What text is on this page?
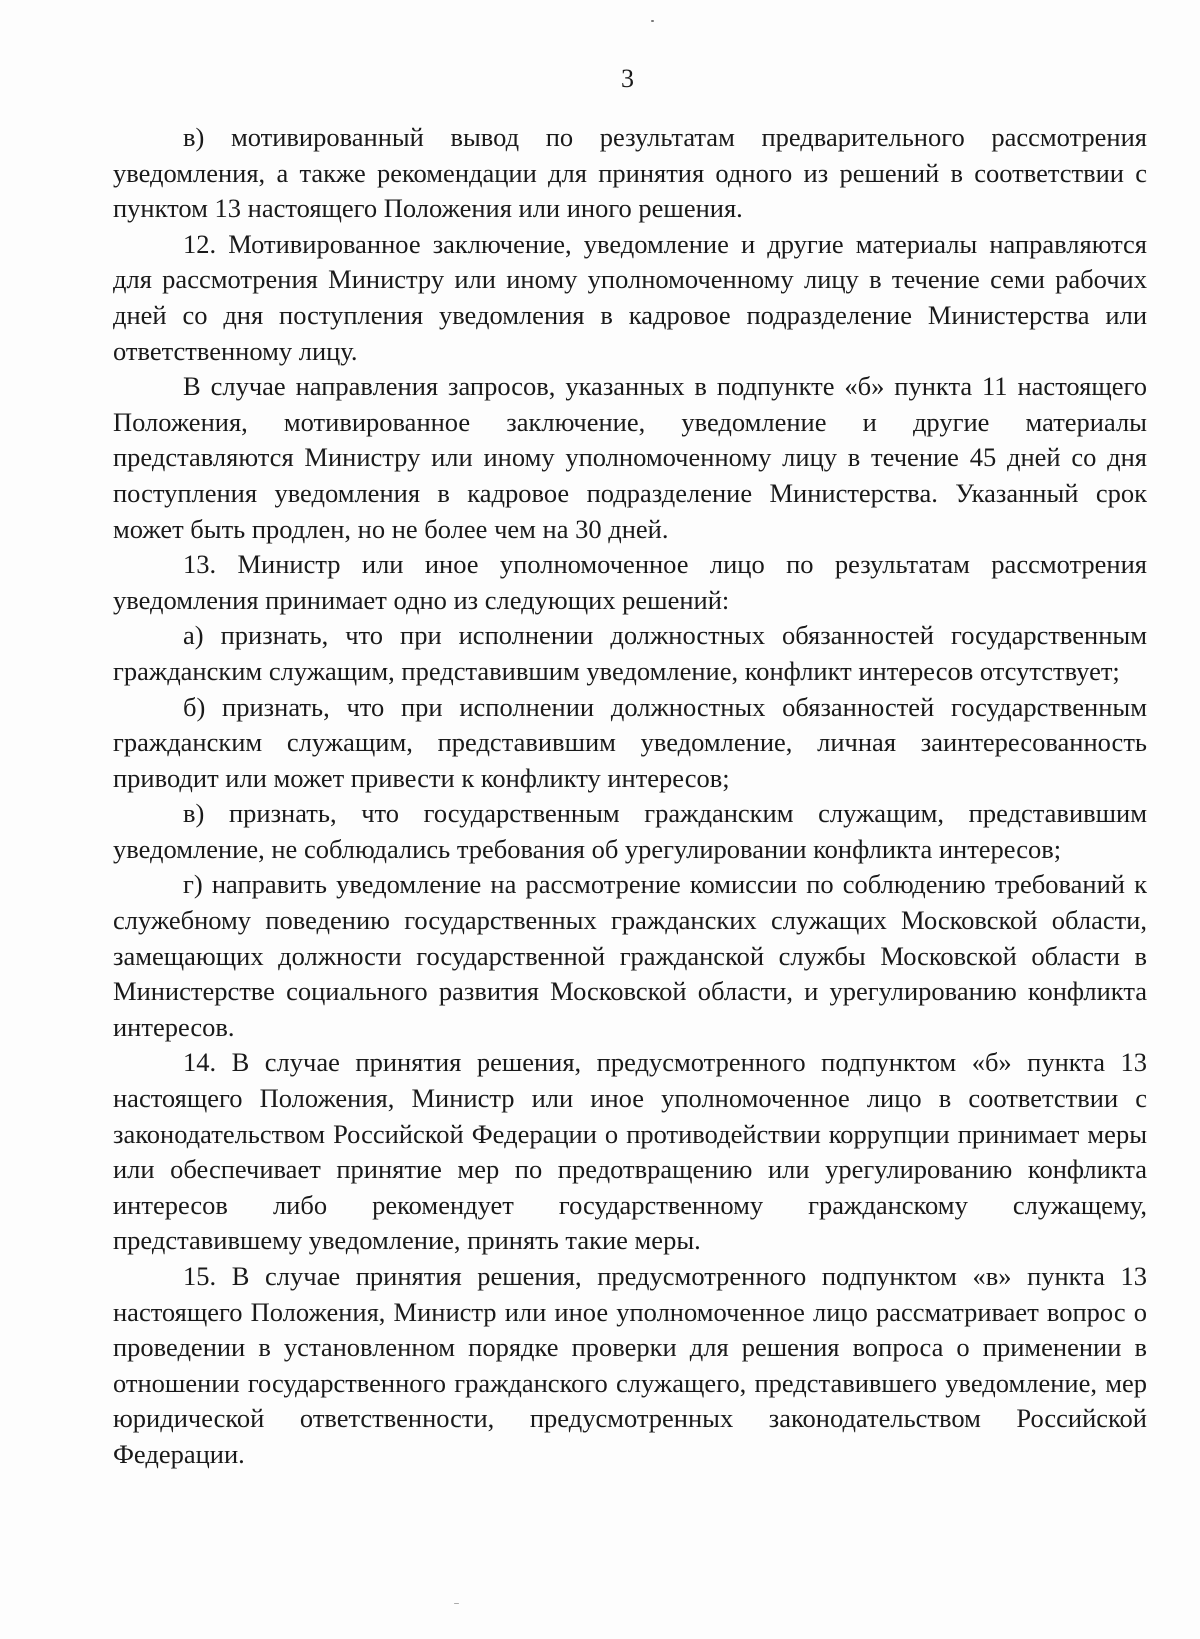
3

в) мотивированный вывод по результатам предварительного рассмотрения уведомления, а также рекомендации для принятия одного из решений в соответствии с пунктом 13 настоящего Положения или иного решения.

12. Мотивированное заключение, уведомление и другие материалы направляются для рассмотрения Министру или иному уполномоченному лицу в течение семи рабочих дней со дня поступления уведомления в кадровое подразделение Министерства или ответственному лицу.

В случае направления запросов, указанных в подпункте «б» пункта 11 настоящего Положения, мотивированное заключение, уведомление и другие материалы представляются Министру или иному уполномоченному лицу в течение 45 дней со дня поступления уведомления в кадровое подразделение Министерства. Указанный срок может быть продлен, но не более чем на 30 дней.

13. Министр или иное уполномоченное лицо по результатам рассмотрения уведомления принимает одно из следующих решений:

а) признать, что при исполнении должностных обязанностей государственным гражданским служащим, представившим уведомление, конфликт интересов отсутствует;

б) признать, что при исполнении должностных обязанностей государственным гражданским служащим, представившим уведомление, личная заинтересованность приводит или может привести к конфликту интересов;

в) признать, что государственным гражданским служащим, представившим уведомление, не соблюдались требования об урегулировании конфликта интересов;

г) направить уведомление на рассмотрение комиссии по соблюдению требований к служебному поведению государственных гражданских служащих Московской области, замещающих должности государственной гражданской службы Московской области в Министерстве социального развития Московской области, и урегулированию конфликта интересов.

14. В случае принятия решения, предусмотренного подпунктом «б» пункта 13 настоящего Положения, Министр или иное уполномоченное лицо в соответствии с законодательством Российской Федерации о противодействии коррупции принимает меры или обеспечивает принятие мер по предотвращению или урегулированию конфликта интересов либо рекомендует государственному гражданскому служащему, представившему уведомление, принять такие меры.

15. В случае принятия решения, предусмотренного подпунктом «в» пункта 13 настоящего Положения, Министр или иное уполномоченное лицо рассматривает вопрос о проведении в установленном порядке проверки для решения вопроса о применении в отношении государственного гражданского служащего, представившего уведомление, мер юридической ответственности, предусмотренных законодательством Российской Федерации.
